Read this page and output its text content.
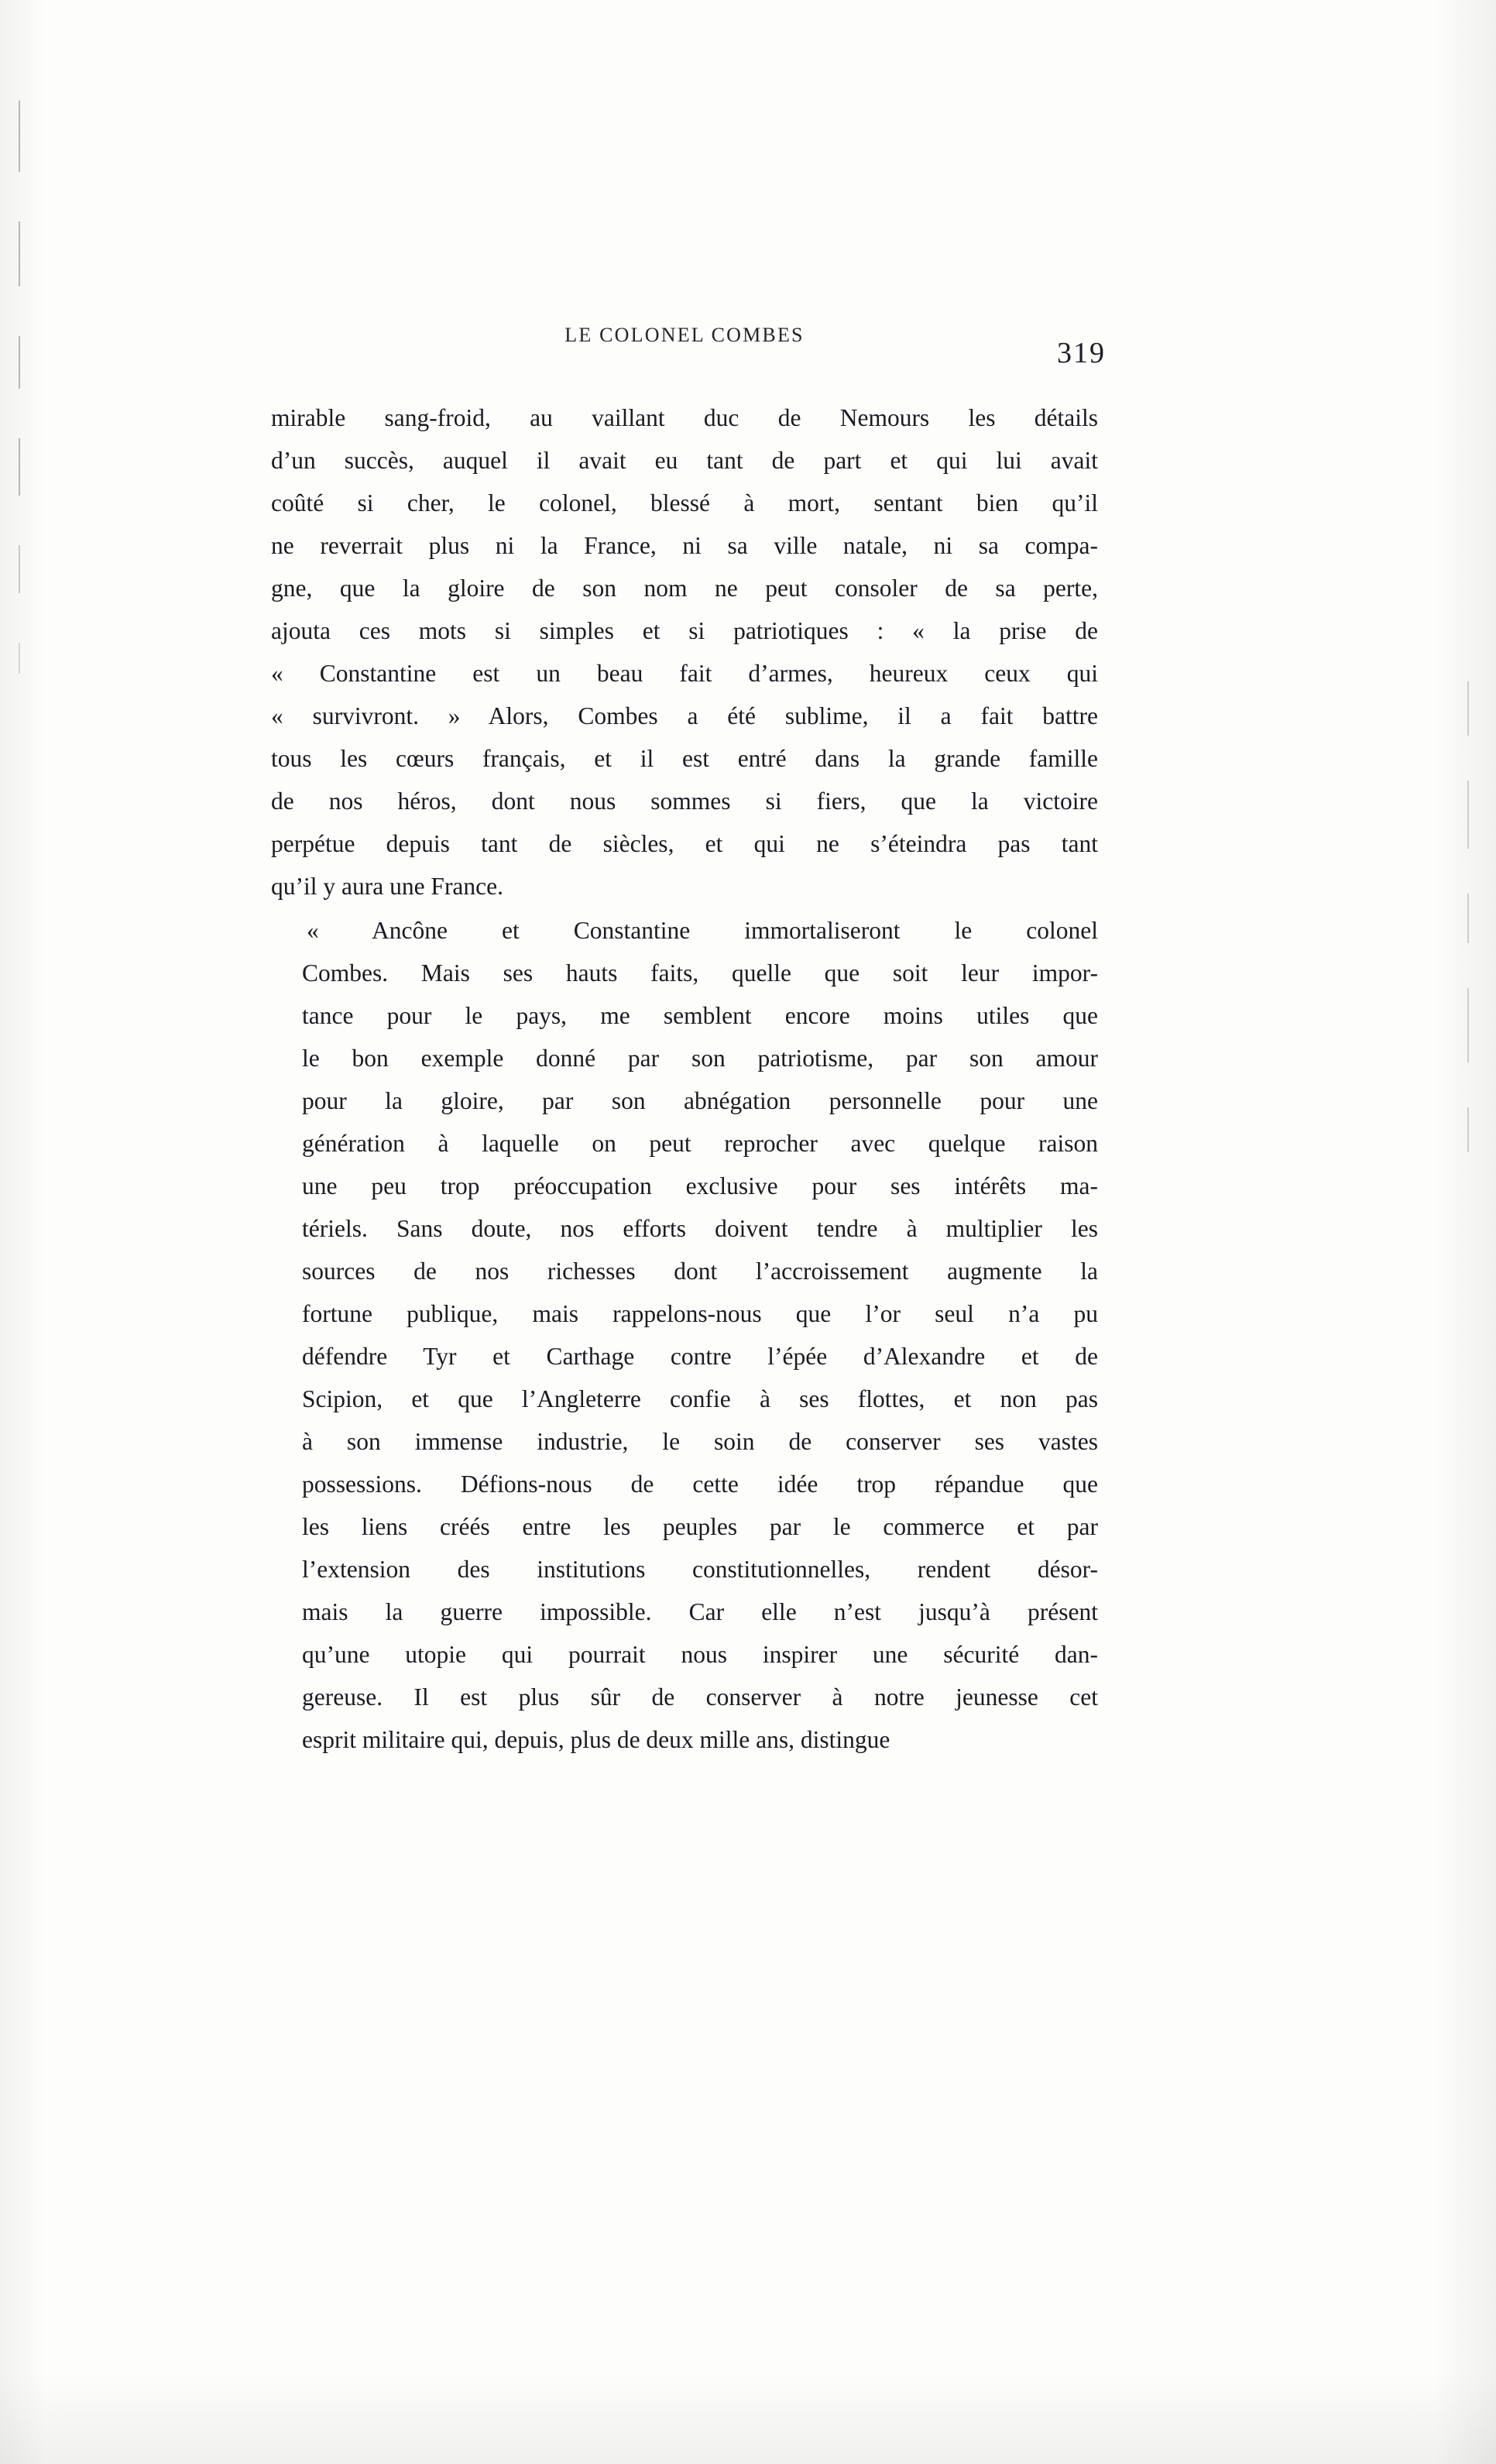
LE COLONEL COMBES
319

mirable sang-froid, au vaillant duc de Nemours les détails
d’un succès, auquel il avait eu tant de part et qui lui avait
coûté si cher, le colonel, blessé à mort, sentant bien qu’il
ne reverrait plus ni la France, ni sa ville natale, ni sa compa-
gne, que la gloire de son nom ne peut consoler de sa perte,
ajouta ces mots si simples et si patriotiques : « la prise de
« Constantine est un beau fait d’armes, heureux ceux qui
« survivront. » Alors, Combes a été sublime, il a fait battre
tous les cœurs français, et il est entré dans la grande famille
de nos héros, dont nous sommes si fiers, que la victoire
perpétue depuis tant de siècles, et qui ne s’éteindra pas tant
qu’il y aura une France.

« Ancône et Constantine immortaliseront le colonel
Combes. Mais ses hauts faits, quelle que soit leur impor-
tance pour le pays, me semblent encore moins utiles que
le bon exemple donné par son patriotisme, par son amour
pour la gloire, par son abnégation personnelle pour une
génération à laquelle on peut reprocher avec quelque raison
une peu trop préoccupation exclusive pour ses intérêts ma-
tériels. Sans doute, nos efforts doivent tendre à multiplier les
sources de nos richesses dont l’accroissement augmente la
fortune publique, mais rappelons-nous que l’or seul n’a pu
défendre Tyr et Carthage contre l’épée d’Alexandre et de
Scipion, et que l’Angleterre confie à ses flottes, et non pas
à son immense industrie, le soin de conserver ses vastes
possessions. Défions-nous de cette idée trop répandue que
les liens créés entre les peuples par le commerce et par
l’extension des institutions constitutionnelles, rendent désor-
mais la guerre impossible. Car elle n’est jusqu’à présent
qu’une utopie qui pourrait nous inspirer une sécurité dan-
gereuse. Il est plus sûr de conserver à notre jeunesse cet
esprit militaire qui, depuis, plus de deux mille ans, distingue
